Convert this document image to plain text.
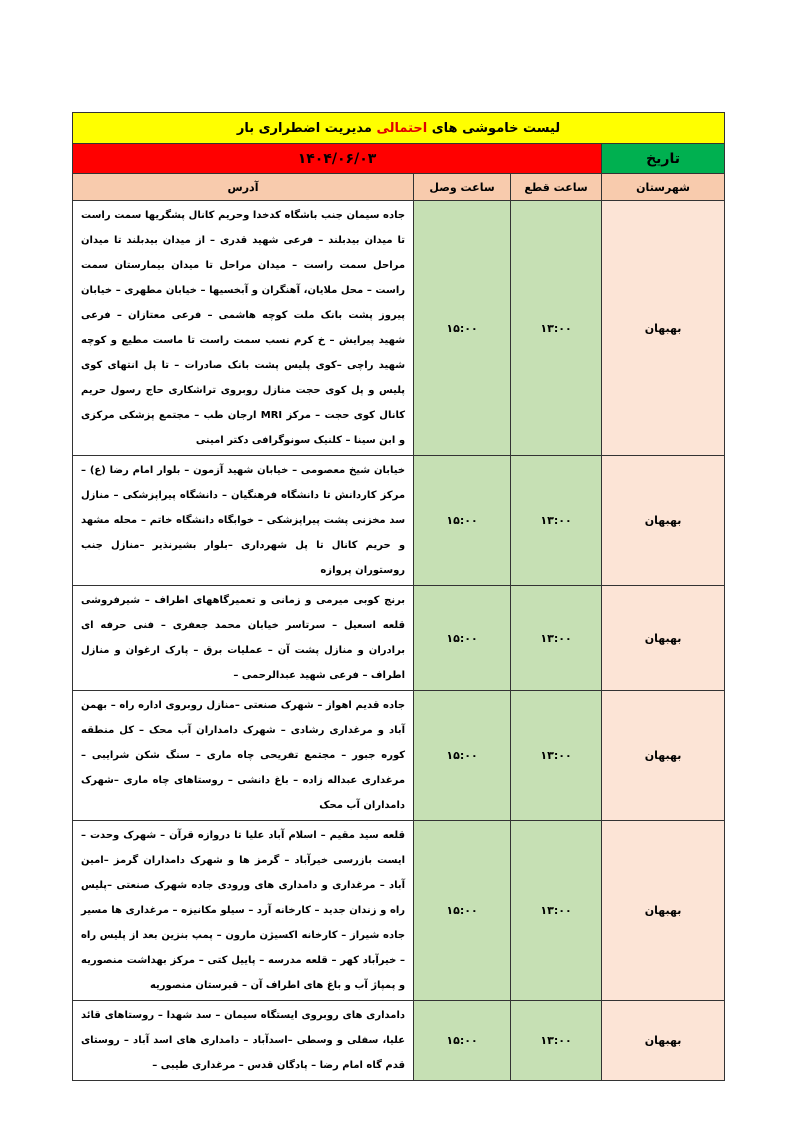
لیست خاموشی های احتمالی مدیریت اضطراری بار			
تاریخ	۱۴۰۴/۰۶/۰۳		
شهرستان	ساعت قطع	ساعت وصل	آدرس
بهبهان	۱۳:۰۰	۱۵:۰۰	جاده سیمان جنب باشگاه کدخدا وحریم کانال پشگریها سمت راست تا میدان بیدبلند – فرعی شهید قدری – از میدان بیدبلند تا میدان مراحل سمت راست – میدان مراحل تا میدان بیمارستان سمت راست – محل ملایان، آهنگران و آبخسیها – خیابان مطهری – خیابان پیروز پشت بانک ملت کوچه هاشمی – فرعی معتازان – فرعی شهید پیرایش – خ کرم نسب سمت راست تا ماست مطیع و کوچه شهید راچی –کوی پلیس پشت بانک صادرات – تا پل انتهای کوی پلیس و پل کوی حجت منازل روبروی تراشکاری حاج رسول حریم کانال کوی حجت – مرکز MRI ارجان طب – مجتمع پزشکی مرکزی و ابن سینا – کلنیک سونوگرافی دکتر امینی
بهبهان	۱۳:۰۰	۱۵:۰۰	خیابان شیخ معصومی – خیابان شهید آزمون – بلوار امام رضا (ع) – مرکز کاردانش تا دانشگاه فرهنگیان – دانشگاه پیراپزشکی – منازل سد مخزنی پشت پیراپزشکی – خوابگاه دانشگاه خاتم – محله مشهد و حریم کانال تا پل شهرداری –بلوار بشیرنذیر –منازل جنب روستوران پروازه
بهبهان	۱۳:۰۰	۱۵:۰۰	برنج کوبی میرمی و زمانی و تعمیرگاههای اطراف – شیرفروشی قلعه اسعیل – سرتاسر خیابان محمد جعفری – فنی حرفه ای برادران و منازل پشت آن – عملیات برق – پارک ارغوان و منازل اطراف – فرعی شهید عبدالرحمی –
بهبهان	۱۳:۰۰	۱۵:۰۰	جاده قدیم اهواز – شهرک صنعتی –منازل روبروی اداره راه – بهمن آباد و مرغداری رشادی – شهرک دامداران آب محک – کل منطقه کوره جبور – مجتمع تفریحی چاه ماری – سنگ شکن شرایبی –مرغداری عبداله زاده – باغ دانشی – روستاهای چاه ماری –شهرک دامداران آب محک
بهبهان	۱۳:۰۰	۱۵:۰۰	قلعه سید مقیم – اسلام آباد علیا تا دروازه قرآن – شهرک وحدت – ایست بازرسی خیرآباد – گرمز ها و شهرک دامداران گرمز –امین آباد – مرغداری و دامداری های ورودی جاده شهرک صنعتی –پلیس راه و زندان جدید – کارخانه آرد – سیلو مکانیزه – مرغداری ها مسیر جاده شیراز – کارخانه اکسیژن مارون – پمپ بنزین بعد از پلیس راه – خیرآباد کهر – قلعه مدرسه – پاییل کتی – مرکز بهداشت منصوریه و پمپاژ آب و باغ های اطراف آن – قبرستان منصوریه
بهبهان	۱۳:۰۰	۱۵:۰۰	دامداری های روبروی ایستگاه سیمان – سد شهدا – روستاهای قائد علیا، سفلی و وسطی –اسدآباد – دامداری های اسد آباد – روستای قدم گاه امام رضا – پادگان قدس – مرغداری طیبی –
